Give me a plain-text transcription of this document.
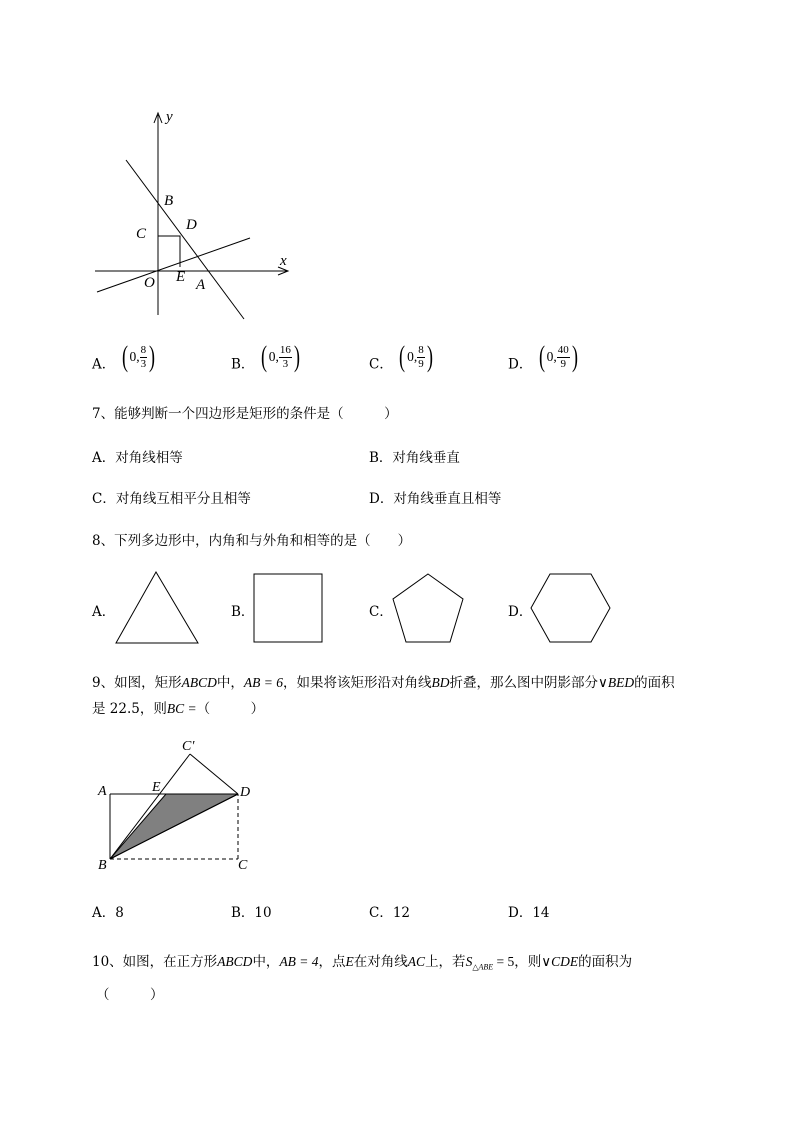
y
x
B
C
D
O E A
A． ( 0, $\frac{8}{3}$ )	B． ( 0, $\frac{16}{3}$ )	C． ( 0, $\frac{8}{9}$ )	D． ( 0, $\frac{40}{9}$ )
7、能够判断一个四边形是矩形的条件是（　　　）
A．对角线相等	B．对角线垂直
C．对角线互相平分且相等	D．对角线垂直且相等
8、下列多边形中，内角和与外角和相等的是（　　）
A．	B．	C．	D．
9、如图，矩形ABCD中，AB = 6，如果将该矩形沿对角线BD折叠，那么图中阴影部分∨BED的面积
是 22.5，则BC =（　　　）
C′
E
A	D
B	C
A．8	B．10	C．12	D．14
10、如图，在正方形ABCD中，AB = 4，点E在对角线AC上，若$S_{\triangle ABE} = 5$，则∨CDE的面积为
（　　　）
